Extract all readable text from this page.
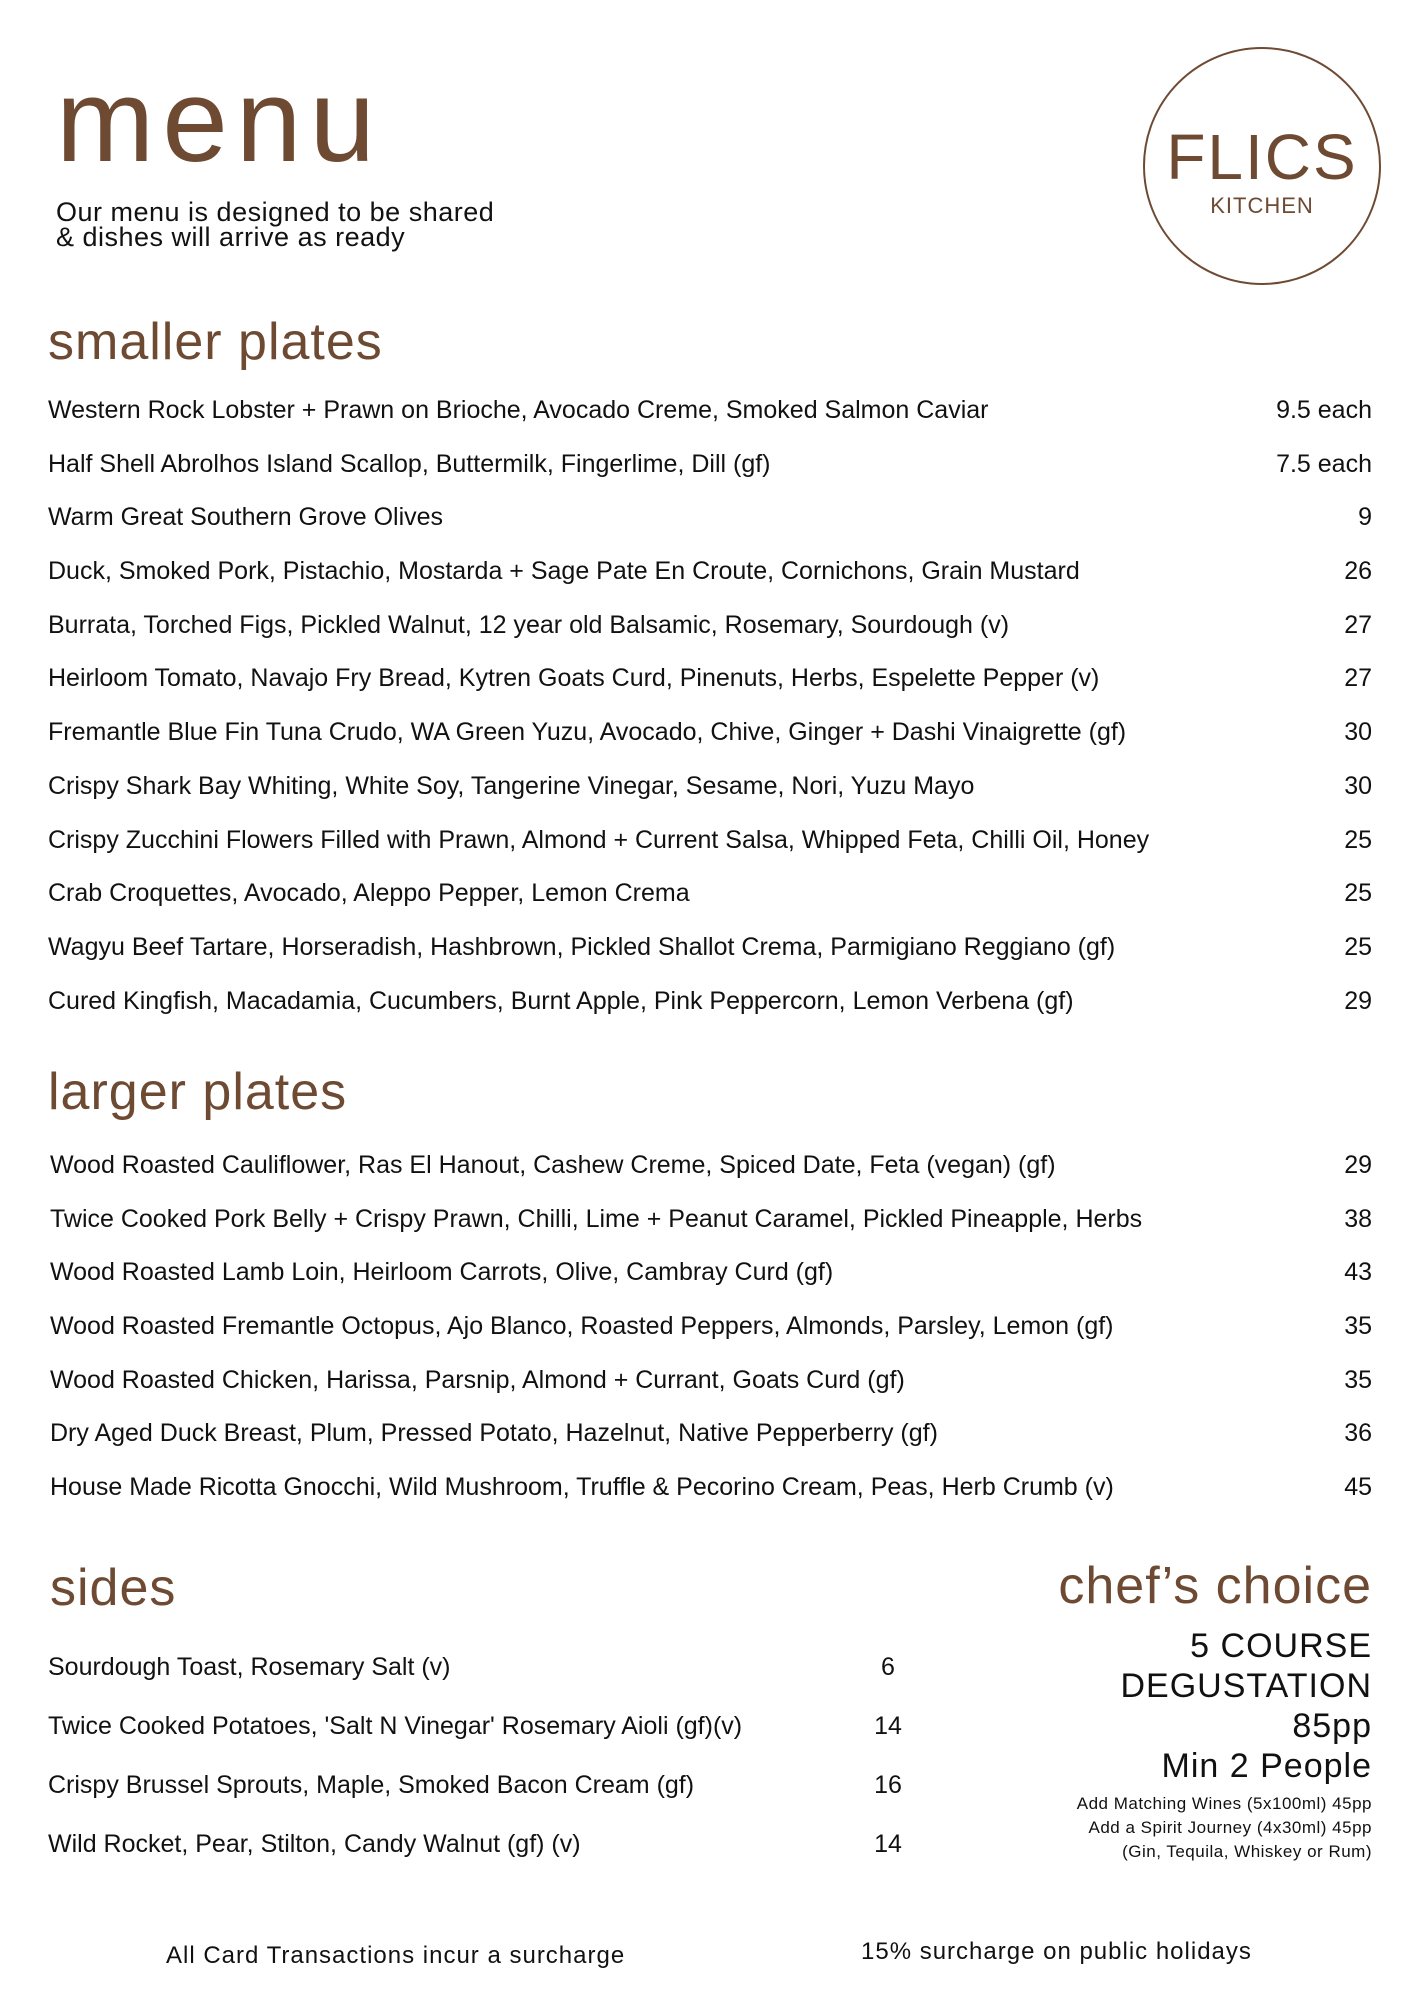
menu
Our menu is designed to be shared
& dishes will arrive as ready
FLICS
KITCHEN
smaller plates
Western Rock Lobster + Prawn on Brioche, Avocado Creme, Smoked Salmon Caviar	9.5 each
Half Shell Abrolhos Island Scallop, Buttermilk, Fingerlime, Dill (gf)	7.5 each
Warm Great Southern Grove Olives	9
Duck, Smoked Pork, Pistachio, Mostarda + Sage Pate En Croute, Cornichons, Grain Mustard	26
Burrata, Torched Figs, Pickled Walnut, 12 year old Balsamic, Rosemary, Sourdough (v)	27
Heirloom Tomato, Navajo Fry Bread, Kytren Goats Curd, Pinenuts, Herbs, Espelette Pepper (v)	27
Fremantle Blue Fin Tuna Crudo, WA Green Yuzu, Avocado, Chive, Ginger + Dashi Vinaigrette (gf)	30
Crispy Shark Bay Whiting, White Soy, Tangerine Vinegar, Sesame, Nori, Yuzu Mayo	30
Crispy Zucchini Flowers Filled with Prawn, Almond + Current Salsa, Whipped Feta, Chilli Oil, Honey	25
Crab Croquettes, Avocado, Aleppo Pepper, Lemon Crema	25
Wagyu Beef Tartare, Horseradish, Hashbrown, Pickled Shallot Crema, Parmigiano Reggiano (gf)	25
Cured Kingfish, Macadamia, Cucumbers, Burnt Apple, Pink Peppercorn, Lemon Verbena (gf)	29
larger plates
Wood Roasted Cauliflower, Ras El Hanout, Cashew Creme, Spiced Date, Feta (vegan) (gf)	29
Twice Cooked Pork Belly + Crispy Prawn, Chilli, Lime + Peanut Caramel, Pickled Pineapple, Herbs	38
Wood Roasted Lamb Loin, Heirloom Carrots, Olive, Cambray Curd (gf)	43
Wood Roasted Fremantle Octopus, Ajo Blanco, Roasted Peppers, Almonds, Parsley, Lemon (gf)	35
Wood Roasted Chicken, Harissa, Parsnip, Almond + Currant, Goats Curd (gf)	35
Dry Aged Duck Breast, Plum, Pressed Potato, Hazelnut, Native Pepperberry (gf)	36
House Made Ricotta Gnocchi, Wild Mushroom, Truffle & Pecorino Cream, Peas, Herb Crumb (v)	45
sides
Sourdough Toast, Rosemary Salt (v)	6
Twice Cooked Potatoes, 'Salt N Vinegar' Rosemary Aioli (gf)(v)	14
Crispy Brussel Sprouts, Maple, Smoked Bacon Cream (gf)	16
Wild Rocket, Pear, Stilton, Candy Walnut (gf) (v)	14
chef’s choice
5 COURSE
DEGUSTATION
85pp
Min 2 People
Add Matching Wines (5x100ml) 45pp
Add a Spirit Journey (4x30ml) 45pp
(Gin, Tequila, Whiskey or Rum)
All Card Transactions incur a surcharge	15% surcharge on public holidays
